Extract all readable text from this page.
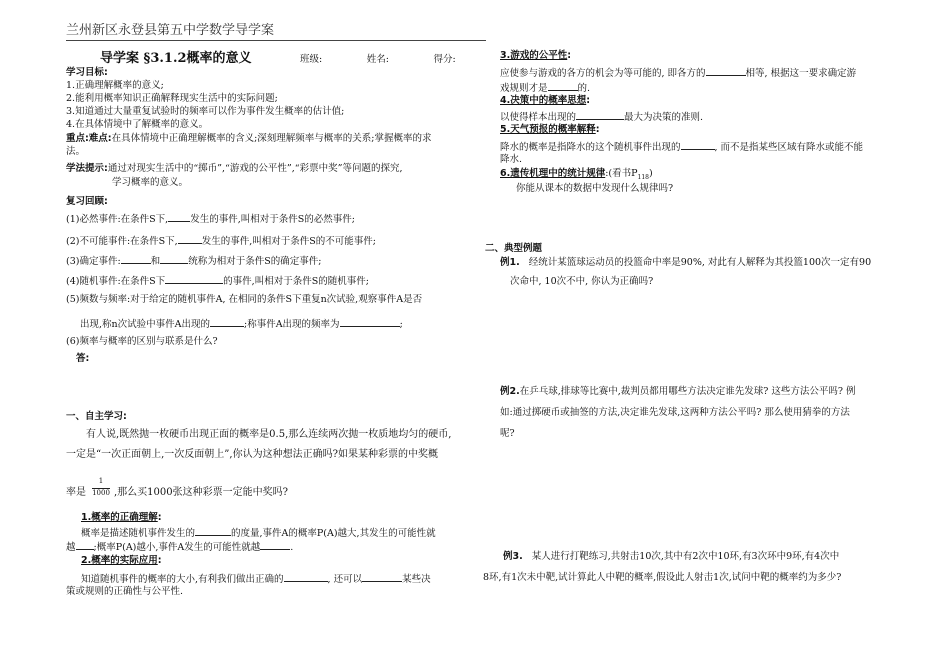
兰州新区永登县第五中学数学导学案
导学案 §3.1.2概率的意义	班级:	姓名:	得分:
学习目标:
1.正确理解概率的意义;
2.能利用概率知识正确解释现实生活中的实际问题;
3.知道通过大量重复试验时的频率可以作为事件发生概率的估计值;
4.在具体情境中了解概率的意义。
重点:难点:在具体情境中正确理解概率的含义;深刻理解频率与概率的关系;掌握概率的求
法。
学法提示:通过对现实生活中的“掷币”,“游戏的公平性”,“彩票中奖”等问题的探究,
学习概率的意义。
复习回顾:
(1)必然事件:在条件S下, 发生的事件,叫相对于条件S的必然事件;
(2)不可能事件:在条件S下,	发生的事件,叫相对于条件S的不可能事件;
(3)确定事件:	和	统称为相对于条件S的确定事件;
(4)随机事件:在条件S下	的事件,叫相对于条件S的随机事件;
(5)频数与频率:对于给定的随机事件A, 在相同的条件S下重复n次试验,观察事件A是否
出现,称n次试验中事件A出现的	;称事件A出现的频率为	;
(6)频率与概率的区别与联系是什么?
答:
一、自主学习:
有人说,既然抛一枚硬币出现正面的概率是0.5,那么连续两次抛一枚质地均匀的硬币,
一定是“一次正面朝上,一次反面朝上”,你认为这种想法正确吗?如果某种彩票的中奖概
1
1000
率是	,那么买1000张这种彩票一定能中奖吗?
1.概率的正确理解:
概率是描述随机事件发生的	的度量,事件A的概率P(A)越大,其发生的可能性就
越 ;概率P(A)越小,事件A发生的可能性就越	.
2.概率的实际应用:
知道随机事件的概率的大小,有利我们做出正确的	, 还可以	某些决
策或规则的正确性与公平性.
3.游戏的公平性:
应使参与游戏的各方的机会为等可能的, 即各方的	相等, 根据这一要求确定游
戏规则才是	的.
4.决策中的概率思想:
以使得样本出现的	最大为决策的准则.
5.天气预报的概率解释:
降水的概率是指降水的这个随机事件出现的	, 而不是指某些区域有降水或能不能
降水.
6.遗传机理中的统计规律:(看书$P_{118}$)
你能从课本的数据中发现什么规律吗?
二、典型例题
例1. 经统计某篮球运动员的投篮命中率是90%, 对此有人解释为其投篮100次一定有90
次命中, 10次不中, 你认为正确吗?
例2.在乒乓球,排球等比赛中,裁判员都用哪些方法决定谁先发球? 这些方法公平吗? 例
如:通过掷硬币或抽签的方法,决定谁先发球,这两种方法公平吗? 那么使用猜拳的方法
呢?
例3. 某人进行打靶练习,共射击10次,其中有2次中10环,有3次环中9环,有4次中
8环,有1次未中靶,试计算此人中靶的概率,假设此人射击1次,试问中靶的概率约为多少?
